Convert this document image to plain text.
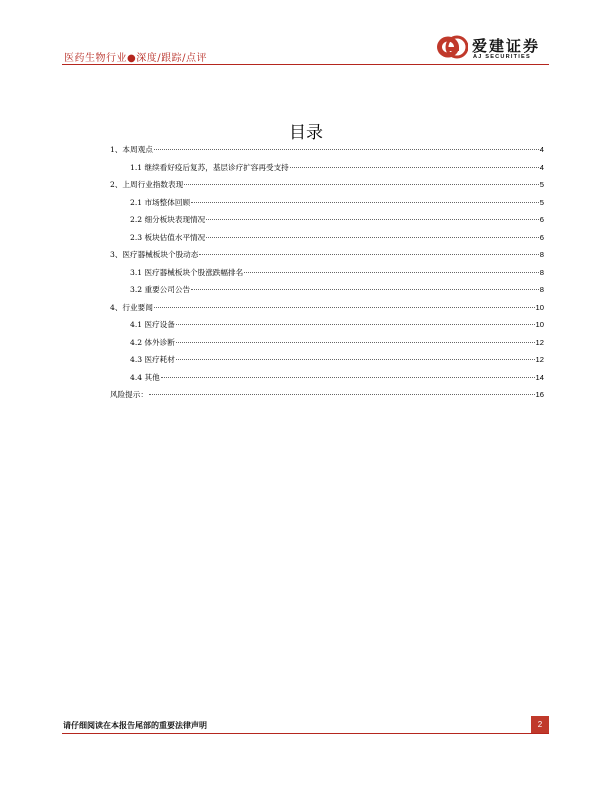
医药生物行业●深度/跟踪/点评
爱建证券
AJ SECURITIES
目录
1、本周观点	4
1.1 继续看好疫后复苏，基层诊疗扩容再受支持	4
2、上周行业指数表现	5
2.1 市场整体回顾	5
2.2 细分板块表现情况	6
2.3 板块估值水平情况	6
3、医疗器械板块个股动态	8
3.1 医疗器械板块个股涨跌幅排名	8
3.2 重要公司公告	8
4、行业要闻	10
4.1 医疗设备	10
4.2 体外诊断	12
4.3 医疗耗材	12
4.4 其他	14
风险提示：	16
请仔细阅读在本报告尾部的重要法律声明	2
